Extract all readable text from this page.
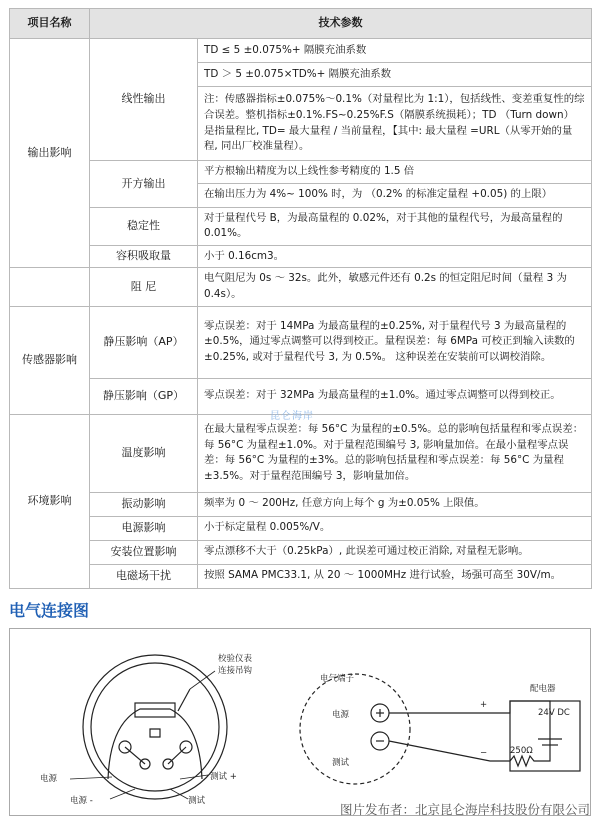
项目名称	技术参数	
输出影响	线性输出	TD ≤ 5 ±0.075%+ 隔膜充油系数
		TD ＞ 5 ±0.075×TD%+ 隔膜充油系数
		注：传感器指标±0.075%～0.1%（对量程比为 1:1），包括线性、变差重复性的综合误差。整机指标±0.1%.FS~0.25%F.S（隔膜系统损耗）；TD （Turn down） 是指量程比, TD= 最大量程 / 当前量程，【其中: 最大量程 =URL（从零开始的量程, 同出厂校准量程）。
	开方输出	平方根输出精度为以上线性参考精度的 1.5 倍
		在输出压力为 4%~ 100% 时，为 （0.2% 的标准定量程 +0.05) 的上限）
	稳定性	对于量程代号 B，为最高量程的 0.02%，对于其他的量程代号，为最高量程的 0.01%。
	容积吸取量	小于 0.16cm3。
	阻 尼	电气阻尼为 0s ～ 32s。此外，敏感元件还有 0.2s 的恒定阻尼时间（量程 3 为 0.4s）。
传感器影响	静压影响（AP）	零点误差：对于 14MPa 为最高量程的±0.25%, 对于量程代号 3 为最高量程的±0.5%，通过零点调整可以得到校正。量程误差：每 6MPa 可校正到输入读数的±0.25%, 或对于量程代号 3, 为 0.5%。 这种误差在安装前可以调校消除。
	静压影响（GP）	零点误差：对于 32MPa 为最高量程的±1.0%。通过零点调整可以得到校正。
环境影响	温度影响	在最大量程零点误差：每 56°C 为量程的±0.5%。总的影响包括量程和零点误差：每 56°C 为量程±1.0%。对于量程范围编号 3, 影响量加倍。在最小量程零点误差：每 56°C 为量程的±3%。总的影响包括量程和零点误差：每 56°C 为量程±3.5%。对于量程范围编号 3，影响量加倍。
	振动影响	频率为 0 ～ 200Hz, 任意方向上每个 g 为±0.05% 上限值。
	电源影响	小于标定量程 0.005%/V。
	安装位置影响	零点漂移不大于（0.25kPa）, 此误差可通过校正消除, 对量程无影响。
	电磁场干扰	按照 SAMA PMC33.1, 从 20 ～ 1000MHz 进行试验，场强可高至 30V/m。
昆仑海岸
电气连接图
校验仪表
连接吊钩
电源
电源 -
测试 +
测试
电气端子
电源
测试
配电器
24V DC
250Ω
+
−
图片发布者：北京昆仑海岸科技股份有限公司
